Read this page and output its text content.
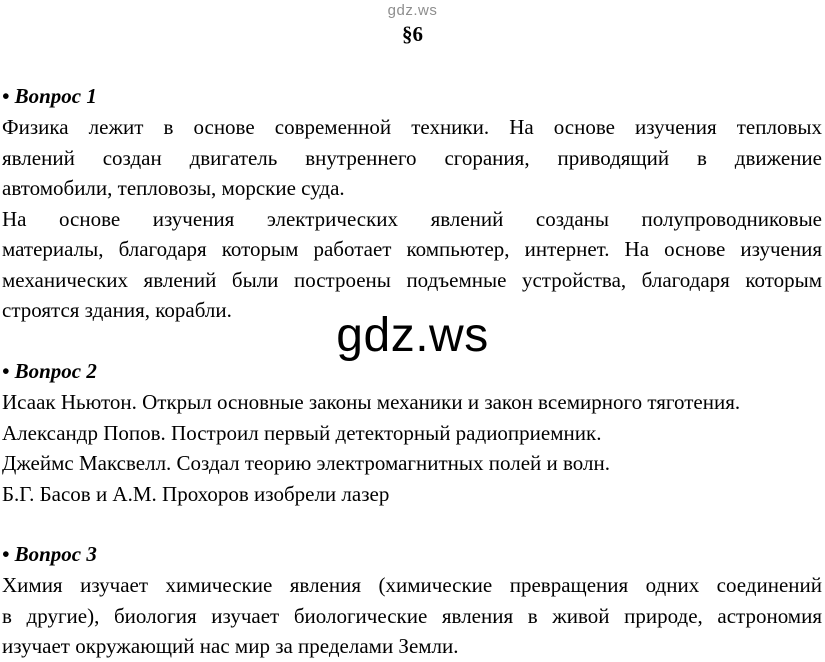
gdz.ws
§6
• Вопрос 1
Физика лежит в основе современной техники. На основе изучения тепловых
явлений создан двигатель внутреннего сгорания, приводящий в движение
автомобили, тепловозы, морские суда.
На основе изучения электрических явлений созданы полупроводниковые
материалы, благодаря которым работает компьютер, интернет. На основе изучения
механических явлений были построены подъемные устройства, благодаря которым
строятся здания, корабли.	gdz.ws
• Вопрос 2
Исаак Ньютон. Открыл основные законы механики и закон всемирного тяготения.
Александр Попов. Построил первый детекторный радиоприемник.
Джеймс Максвелл. Создал теорию электромагнитных полей и волн.
Б.Г. Басов и А.М. Прохоров изобрели лазер
• Вопрос 3
Химия изучает химические явления (химические превращения одних соединений
в другие), биология изучает биологические явления в живой природе, астрономия
изучает окружающий нас мир за пределами Земли.
